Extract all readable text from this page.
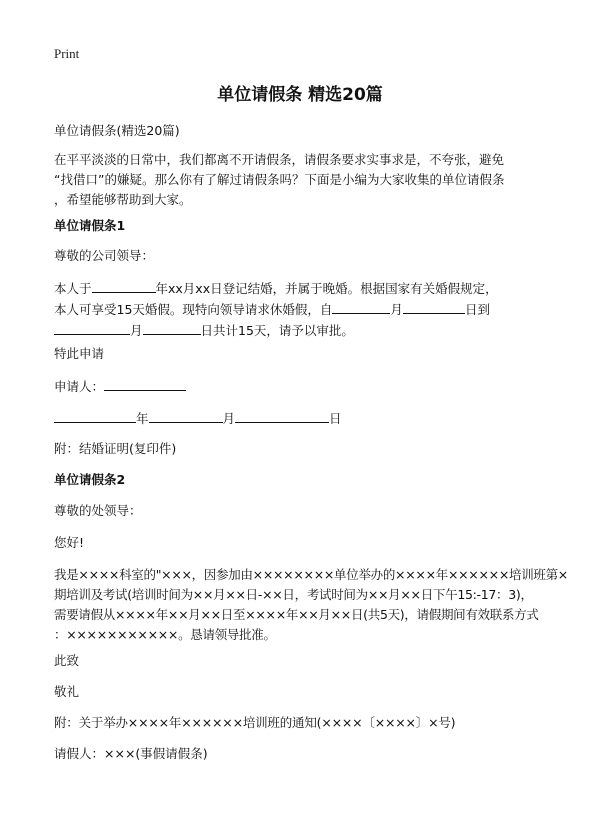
Print
单位请假条 精选20篇
单位请假条(精选20篇)
在平平淡淡的日常中，我们都离不开请假条，请假条要求实事求是，不夸张，避免
“找借口”的嫌疑。那么你有了解过请假条吗？下面是小编为大家收集的单位请假条
，希望能够帮助到大家。
单位请假条1
尊敬的公司领导：
本人于	年xx月xx日登记结婚，并属于晚婚。根据国家有关婚假规定，
本人可享受15天婚假。现特向领导请求休婚假，自	月	日到
月	日共计15天，请予以审批。
特此申请
申请人：
年	月	日
附：结婚证明(复印件)
单位请假条2
尊敬的处领导：
您好!
我是××××科室的"×××，因参加由××××××××单位举办的××××年××××××培训班第×
期培训及考试(培训时间为××月××日-××日，考试时间为××月××日下午15:-17：3)，
需要请假从××××年××月××日至××××年××月××日(共5天)，请假期间有效联系方式
：×××××××××××。恳请领导批准。
此致
敬礼
附：关于举办××××年××××××培训班的通知(××××〔××××〕×号)
请假人：×××(事假请假条)
